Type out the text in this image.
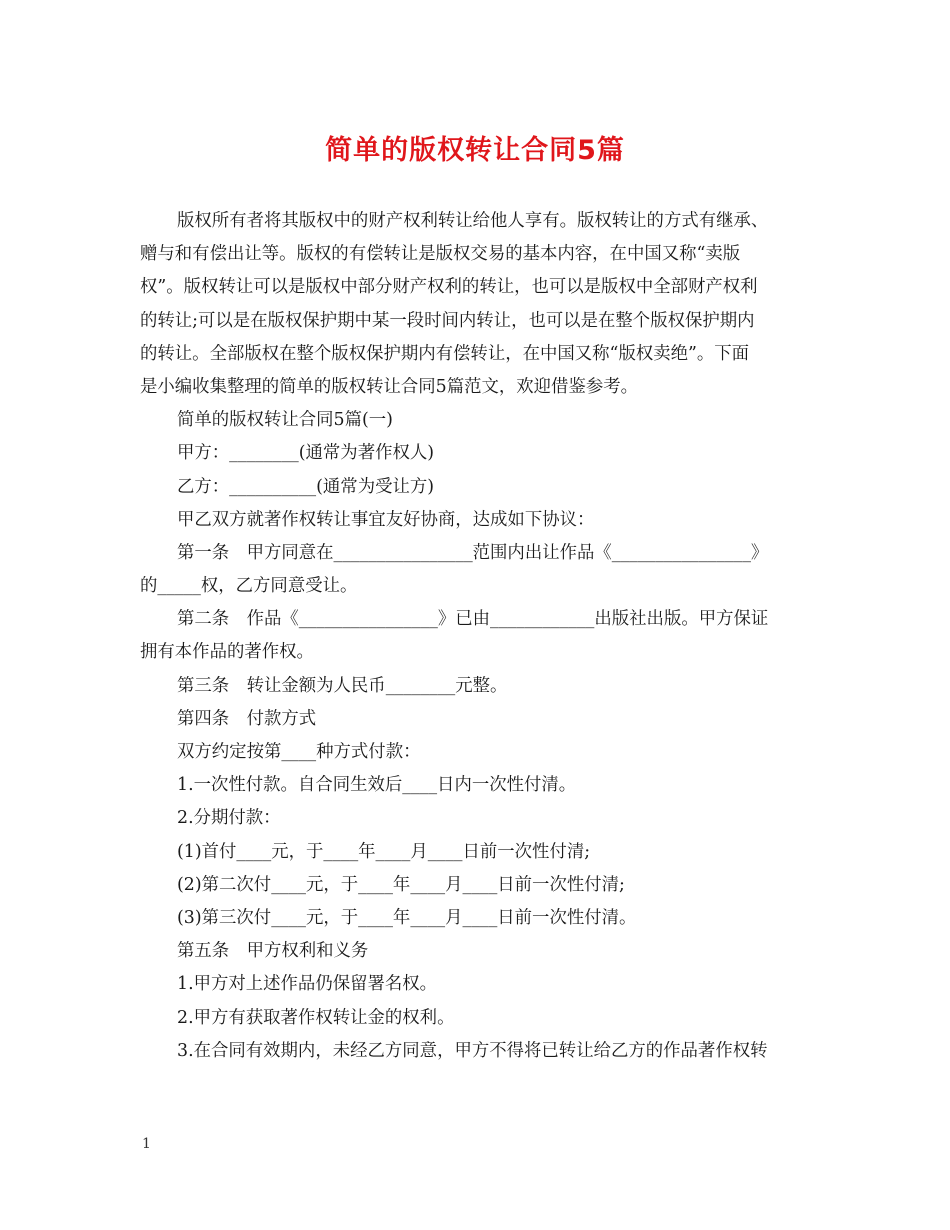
简单的版权转让合同5篇

版权所有者将其版权中的财产权利转让给他人享有。版权转让的方式有继承、

赠与和有偿出让等。版权的有偿转让是版权交易的基本内容，在中国又称“卖版

权”。版权转让可以是版权中部分财产权利的转让，也可以是版权中全部财产权利

的转让;可以是在版权保护期中某一段时间内转让，也可以是在整个版权保护期内

的转让。全部版权在整个版权保护期内有偿转让，在中国又称“版权卖绝”。下面

是小编收集整理的简单的版权转让合同5篇范文，欢迎借鉴参考。

简单的版权转让合同5篇(一)

甲方：________(通常为著作权人)

乙方：__________(通常为受让方)

甲乙双方就著作权转让事宜友好协商，达成如下协议：

第一条　甲方同意在________________范围内出让作品《________________》

的_____权，乙方同意受让。

第二条　作品《________________》已由____________出版社出版。甲方保证

拥有本作品的著作权。

第三条　转让金额为人民币________元整。

第四条　付款方式

双方约定按第____种方式付款：

1.一次性付款。自合同生效后____日内一次性付清。

2.分期付款：

(1)首付____元，于____年____月____日前一次性付清;

(2)第二次付____元，于____年____月____日前一次性付清;

(3)第三次付____元，于____年____月____日前一次性付清。

第五条　甲方权利和义务

1.甲方对上述作品仍保留署名权。

2.甲方有获取著作权转让金的权利。

3.在合同有效期内，未经乙方同意，甲方不得将已转让给乙方的作品著作权转

1
